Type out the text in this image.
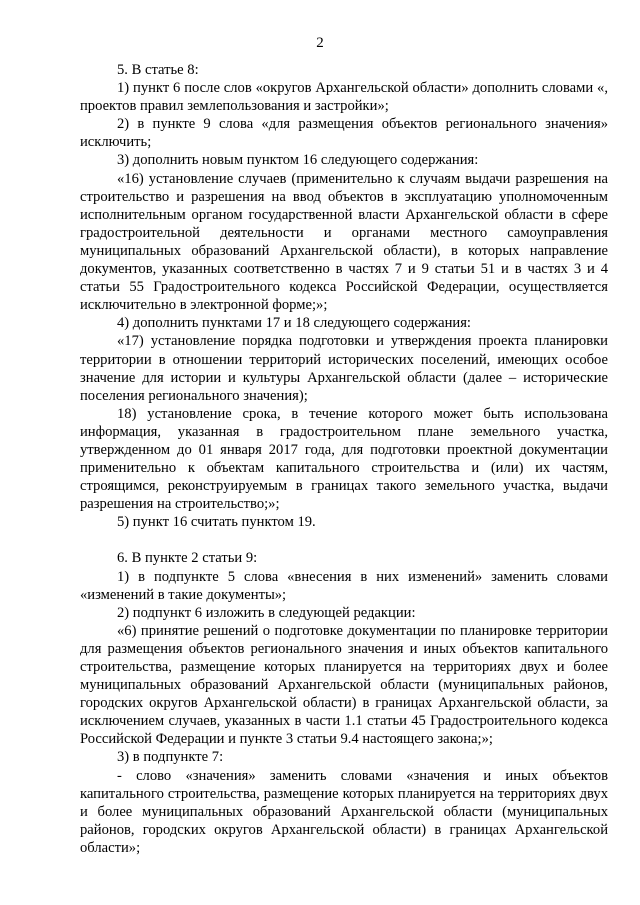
2

5. В статье 8:

1) пункт 6 после слов «округов Архангельской области» дополнить словами «, проектов правил землепользования и застройки»;

2) в пункте 9 слова «для размещения объектов регионального значения» исключить;

3) дополнить новым пунктом 16 следующего содержания:

«16) установление случаев (применительно к случаям выдачи разрешения на строительство и разрешения на ввод объектов в эксплуатацию уполномоченным исполнительным органом государственной власти Архангельской области в сфере градостроительной деятельности и органами местного самоуправления муниципальных образований Архангельской области), в которых направление документов, указанных соответственно в частях 7 и 9 статьи 51 и в частях 3 и 4 статьи 55 Градостроительного кодекса Российской Федерации, осуществляется исключительно в электронной форме;»;

4) дополнить пунктами 17 и 18 следующего содержания:

«17) установление порядка подготовки и утверждения проекта планировки территории в отношении территорий исторических поселений, имеющих особое значение для истории и культуры Архангельской области (далее – исторические поселения регионального значения);

18) установление срока, в течение которого может быть использована информация, указанная в градостроительном плане земельного участка, утвержденном до 01 января 2017 года, для подготовки проектной документации применительно к объектам капитального строительства и (или) их частям, строящимся, реконструируемым в границах такого земельного участка, выдачи разрешения на строительство;»;

5) пункт 16 считать пунктом 19.

6. В пункте 2 статьи 9:

1) в подпункте 5 слова «внесения в них изменений» заменить словами «изменений в такие документы»;

2) подпункт 6 изложить в следующей редакции:

«6) принятие решений о подготовке документации по планировке территории для размещения объектов регионального значения и иных объектов капитального строительства, размещение которых планируется на территориях двух и более муниципальных образований Архангельской области (муниципальных районов, городских округов Архангельской области) в границах Архангельской области, за исключением случаев, указанных в части 1.1 статьи 45 Градостроительного кодекса Российской Федерации и пункте 3 статьи 9.4 настоящего закона;»;

3) в подпункте 7:

- слово «значения» заменить словами «значения и иных объектов капитального строительства, размещение которых планируется на территориях двух и более муниципальных образований Архангельской области (муниципальных районов, городских округов Архангельской области) в границах Архангельской области»;
